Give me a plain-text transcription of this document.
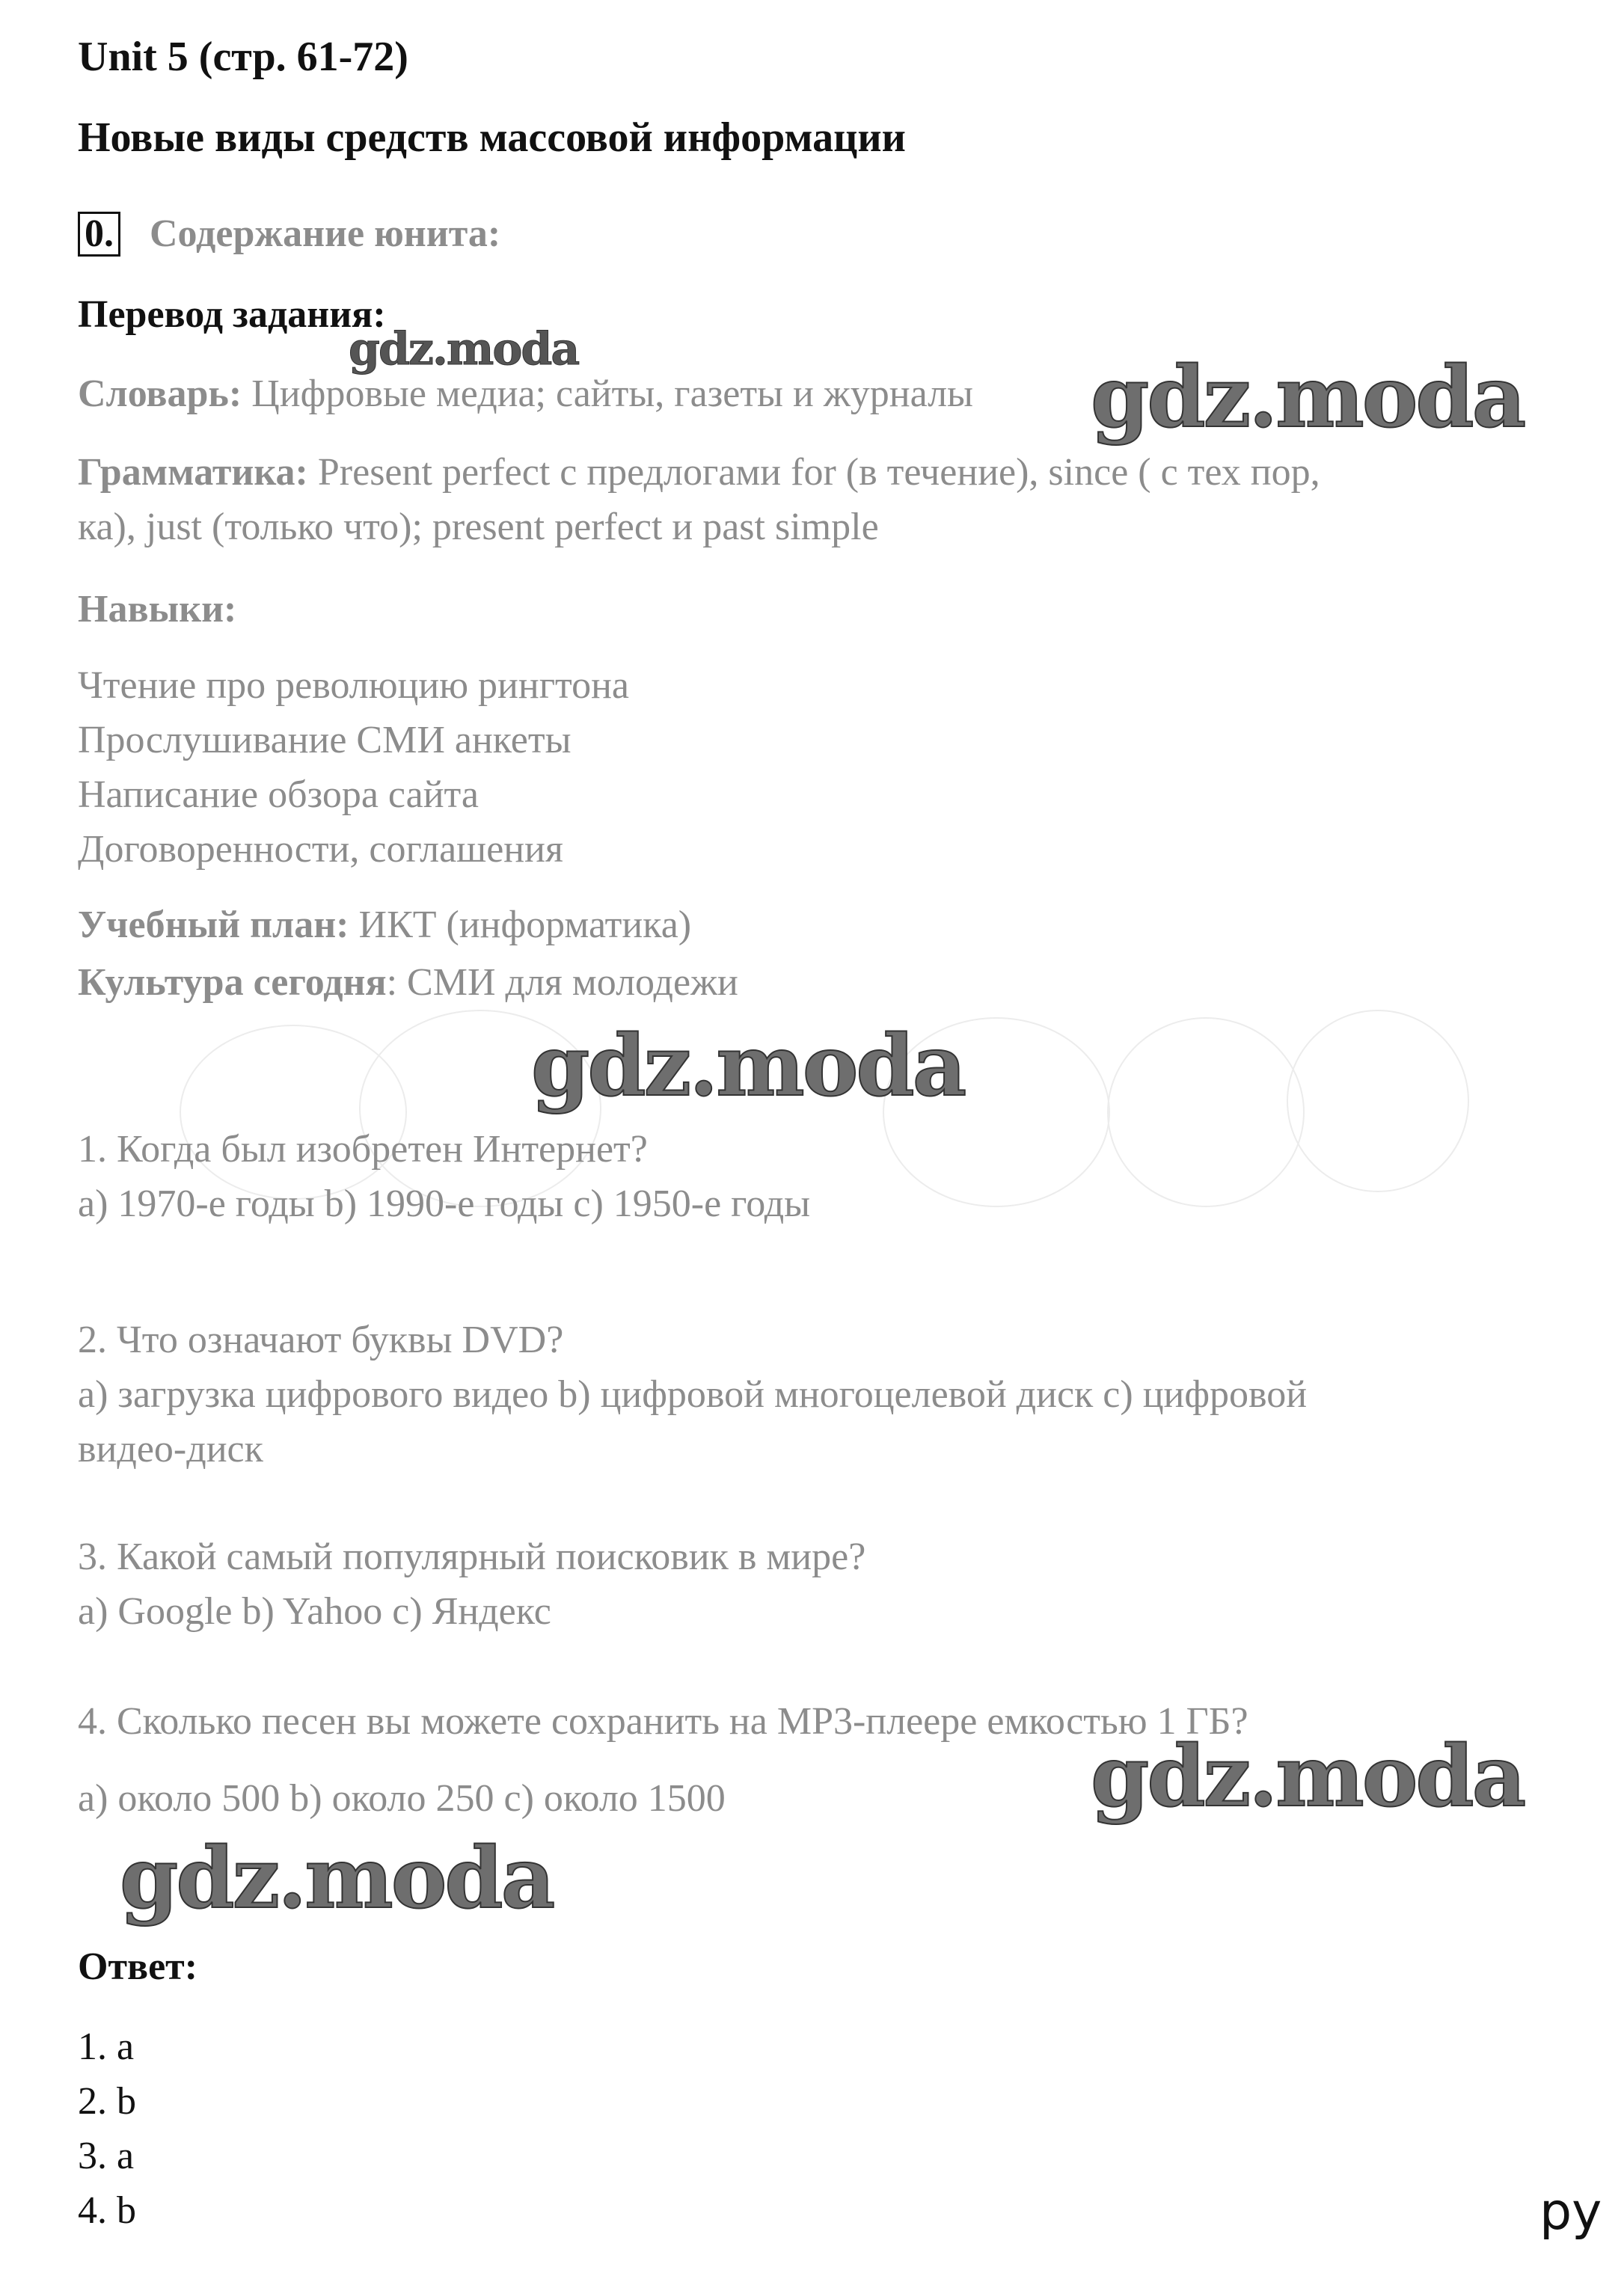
Unit 5 (стр. 61-72)
Новые виды средств массовой информации
0. Содержание юнита:
Перевод задания:
Словарь: Цифровые медиа; сайты, газеты и журналы
Грамматика: Present perfect с предлогами for (в течение), since ( с тех пор,
ка), just (только что); present perfect и past simple
Навыки:
Чтение про революцию рингтона
Прослушивание СМИ анкеты
Написание обзора сайта
Договоренности, соглашения
Учебный план: ИКТ (информатика)
Культура сегодня: СМИ для молодежи
1. Когда был изобретен Интернет?
a) 1970-е годы b) 1990-е годы c) 1950-е годы
2. Что означают буквы DVD?
a) загрузка цифрового видео b) цифровой многоцелевой диск c) цифровой
видео-диск
3. Какой самый популярный поисковик в мире?
a) Google b) Yahoo c) Яндекс
4. Сколько песен вы можете сохранить на MP3-плеере емкостью 1 ГБ?
a) около 500 b) около 250 c) около 1500
Ответ:
1. a
2. b
3. a
4. b
gdz.moda	gdz.moda
gdz.moda
gdz.moda
gdz.moda
ру
